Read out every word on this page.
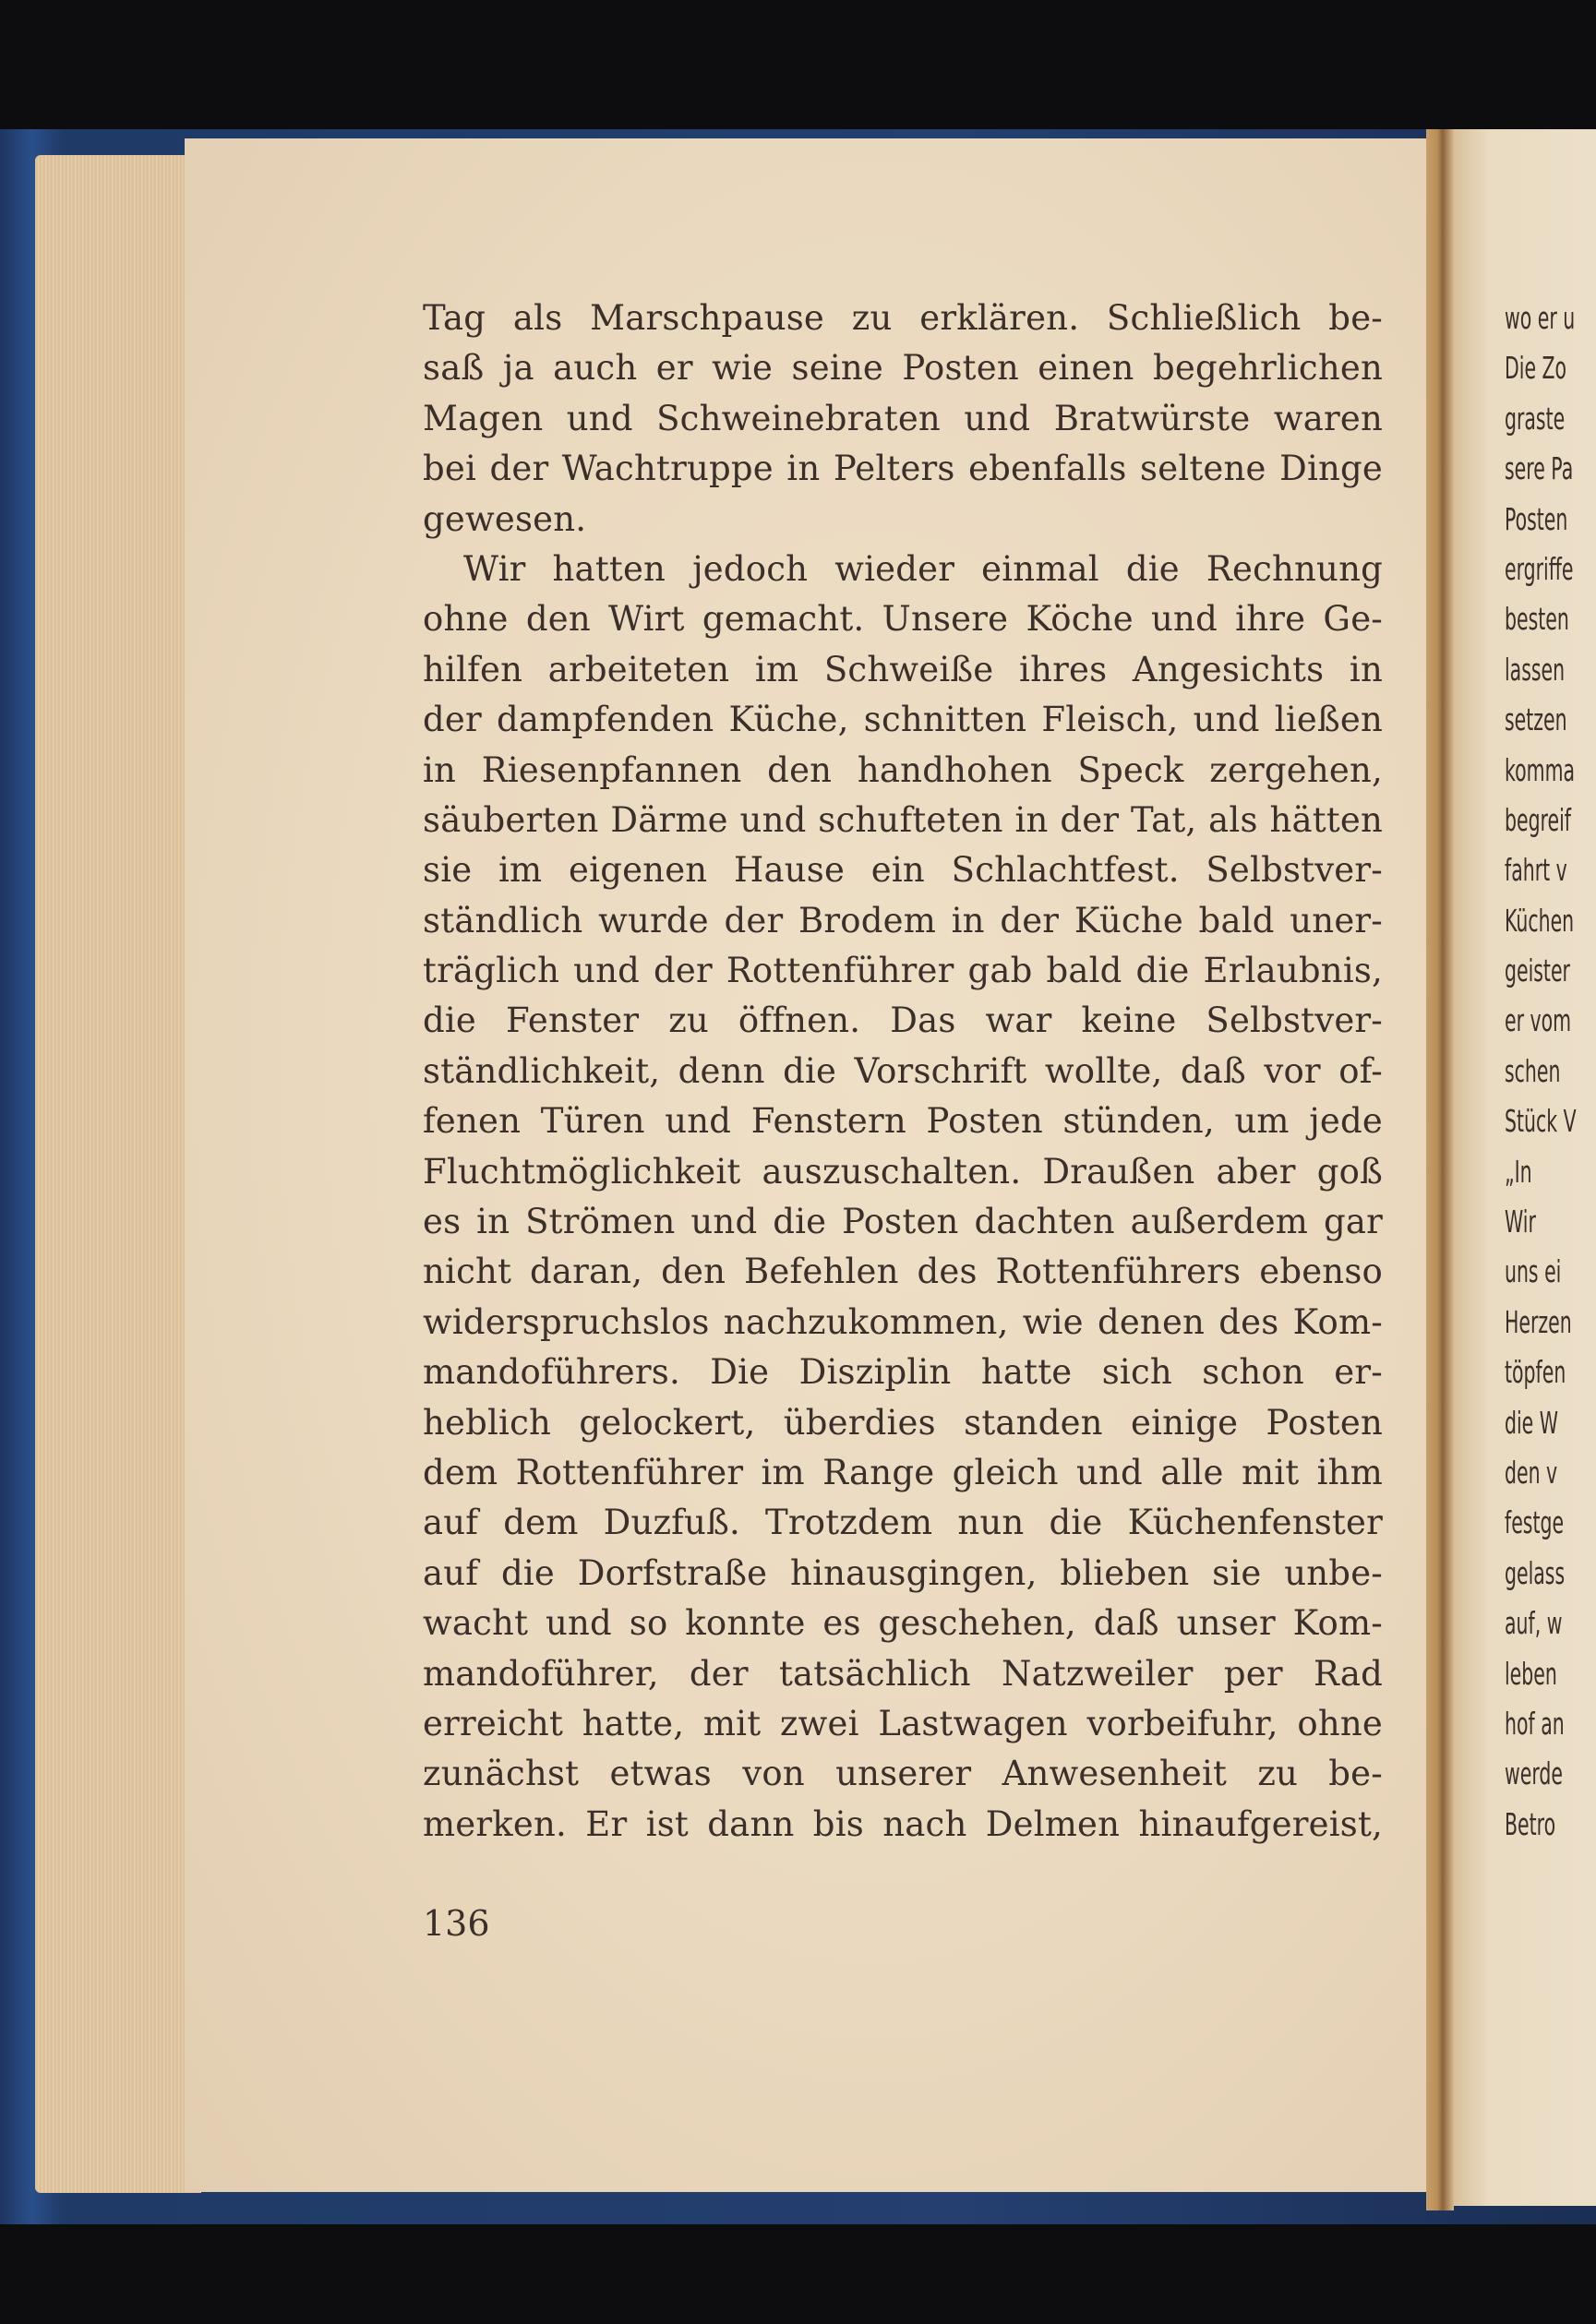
Tag als Marschpause zu erklären. Schließlich be-
saß ja auch er wie seine Posten einen begehrlichen
Magen und Schweinebraten und Bratwürste waren
bei der Wachtruppe in Pelters ebenfalls seltene Dinge
gewesen.
Wir hatten jedoch wieder einmal die Rechnung
ohne den Wirt gemacht. Unsere Köche und ihre Ge-
hilfen arbeiteten im Schweiße ihres Angesichts in
der dampfenden Küche, schnitten Fleisch, und ließen
in Riesenpfannen den handhohen Speck zergehen,
säuberten Därme und schufteten in der Tat, als hätten
sie im eigenen Hause ein Schlachtfest. Selbstver-
ständlich wurde der Brodem in der Küche bald uner-
träglich und der Rottenführer gab bald die Erlaubnis,
die Fenster zu öffnen. Das war keine Selbstver-
ständlichkeit, denn die Vorschrift wollte, daß vor of-
fenen Türen und Fenstern Posten stünden, um jede
Fluchtmöglichkeit auszuschalten. Draußen aber goß
es in Strömen und die Posten dachten außerdem gar
nicht daran, den Befehlen des Rottenführers ebenso
widerspruchslos nachzukommen, wie denen des Kom-
mandoführers. Die Disziplin hatte sich schon er-
heblich gelockert, überdies standen einige Posten
dem Rottenführer im Range gleich und alle mit ihm
auf dem Duzfuß. Trotzdem nun die Küchenfenster
auf die Dorfstraße hinausgingen, blieben sie unbe-
wacht und so konnte es geschehen, daß unser Kom-
mandoführer, der tatsächlich Natzweiler per Rad
erreicht hatte, mit zwei Lastwagen vorbeifuhr, ohne
zunächst etwas von unserer Anwesenheit zu be-
merken. Er ist dann bis nach Delmen hinaufgereist,
136
wo er u
Die Zo
graste
sere Pa
Posten
ergriffe
besten
lassen
setzen
komma
begreif
fahrt v
Küchen
geister
er vom
schen
Stück V
„In
Wir
uns ei
Herzen
töpfen
die W
den v
festge
gelass
auf, w
leben
hof an
werde
Betro
